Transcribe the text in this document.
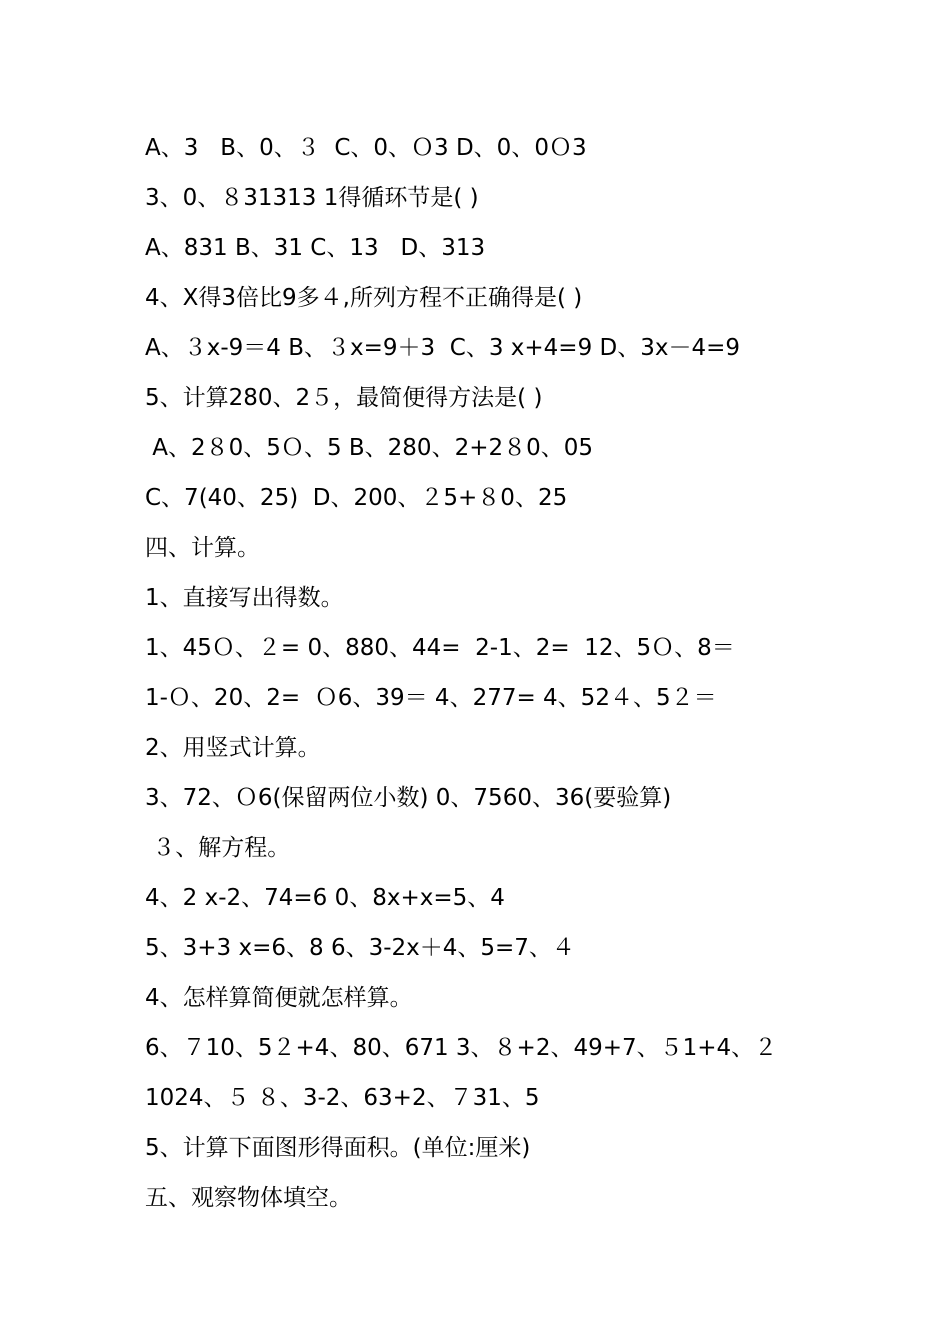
A、3   B、0、３  C、0、Ｏ3 D、0、0Ｏ3
3、0、８31313 1得循环节是( )
A、831 B、31 C、13   D、313
4、X得3倍比9多４,所列方程不正确得是( )
A、３x-9＝4 B、３x=9＋3  C、3 x+4=9 D、3x－4=9
5、计算280、2５，最简便得方法是( )
A、2８0、5Ｏ、5 B、280、2+2８0、05
C、7(40、25)  D、200、２5+８0、25
四、计算。
1、直接写出得数。
1、45Ｏ、２= 0、880、44=  2-1、2=  12、5Ｏ、8＝
1-Ｏ、20、2=  Ｏ6、39＝ 4、277= 4、52４、5２＝
2、用竖式计算。
3、72、Ｏ6(保留两位小数) 0、7560、36(要验算)
３、解方程。
4、2 x-2、74=6 0、8x+x=5、4
5、3+3 x=6、8 6、3-2x＋4、5=7、４
4、怎样算简便就怎样算。
6、７10、5２+4、80、671 3、８+2、49+7、５1+4、２
1024、５ ８、3-2、63+2、７31、5
5、计算下面图形得面积。(单位:厘米)
五、观察物体填空。
